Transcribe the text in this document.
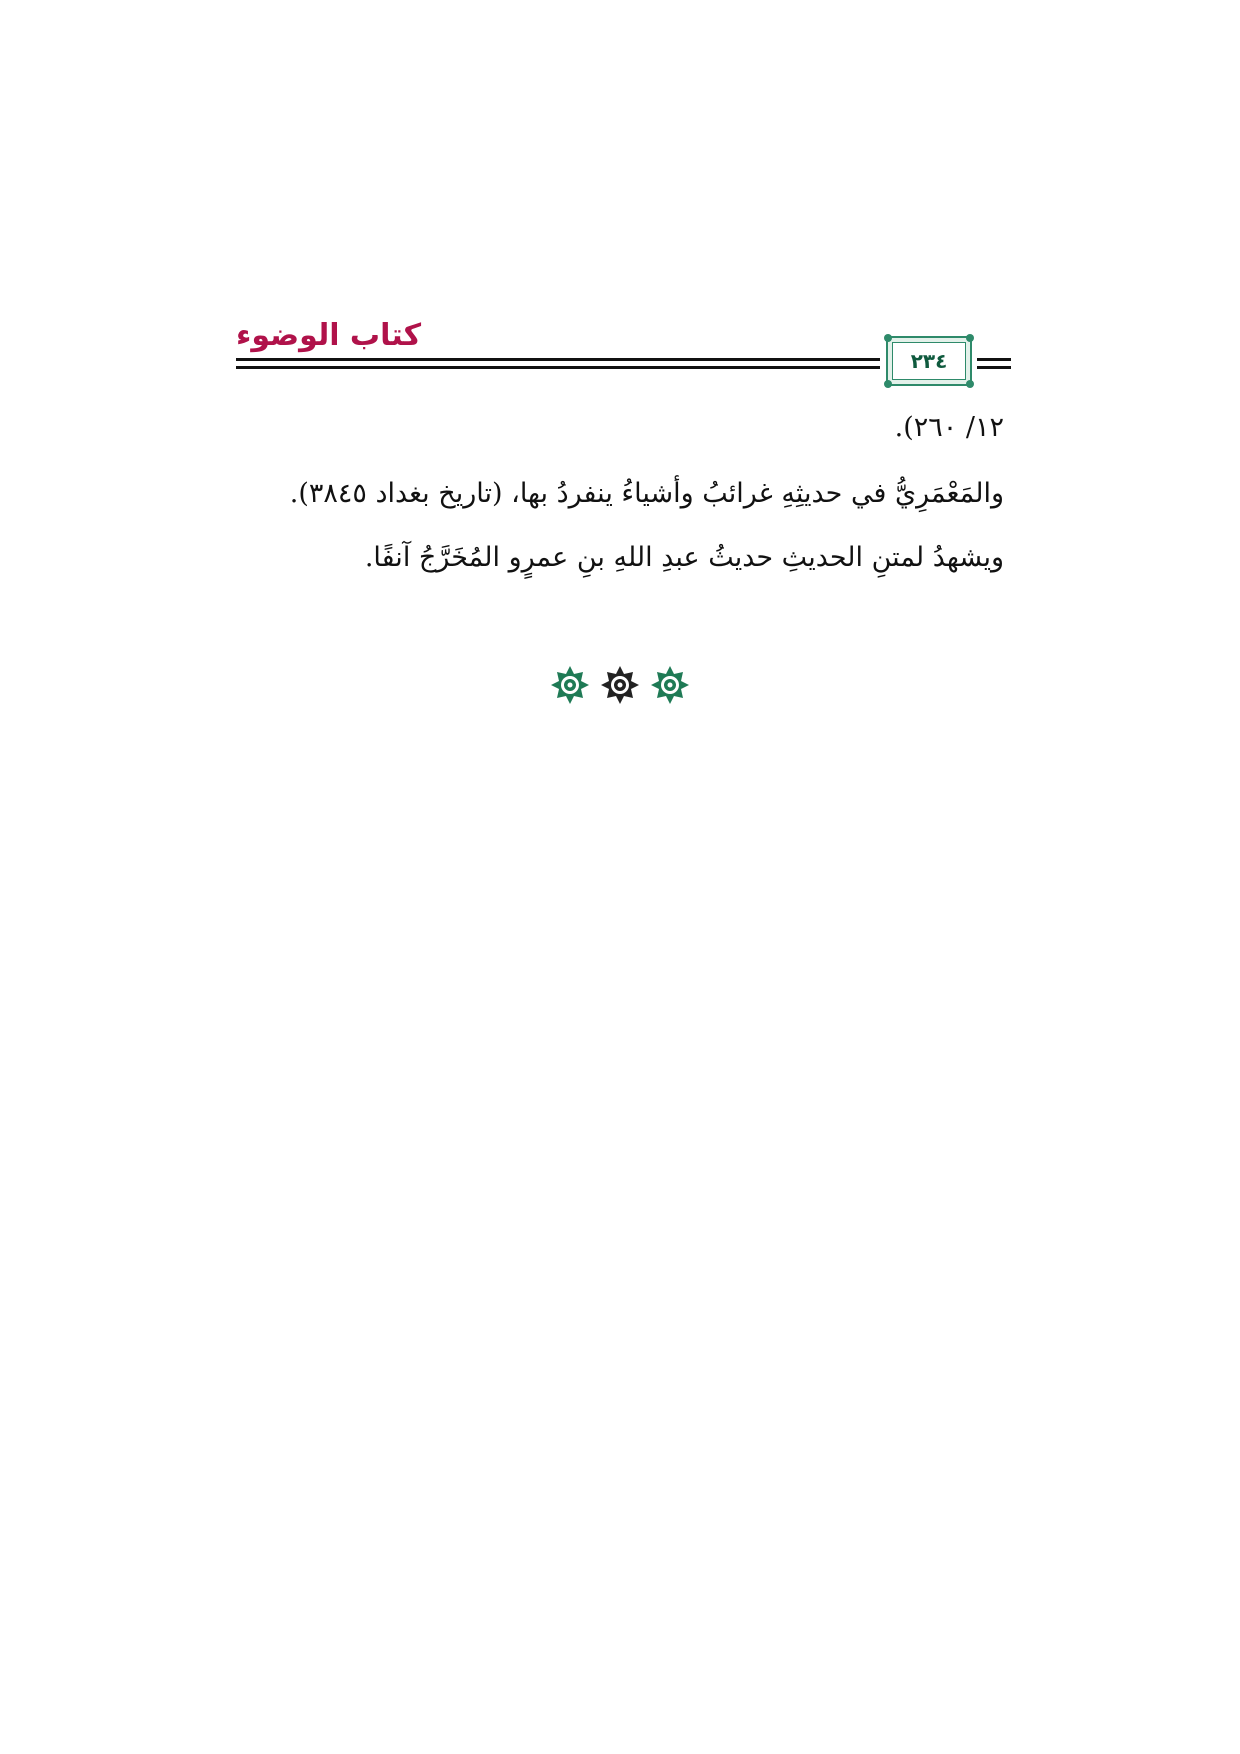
كتاب الوضوء
٢٣٤
١٢/ ٢٦٠).
والمَعْمَرِيُّ في حديثِهِ غرائبُ وأشياءُ ينفردُ بها، (تاريخ بغداد ٣٨٤٥).
ويشهدُ لمتنِ الحديثِ حديثُ عبدِ اللهِ بنِ عمرٍو المُخَرَّجُ آنفًا.
